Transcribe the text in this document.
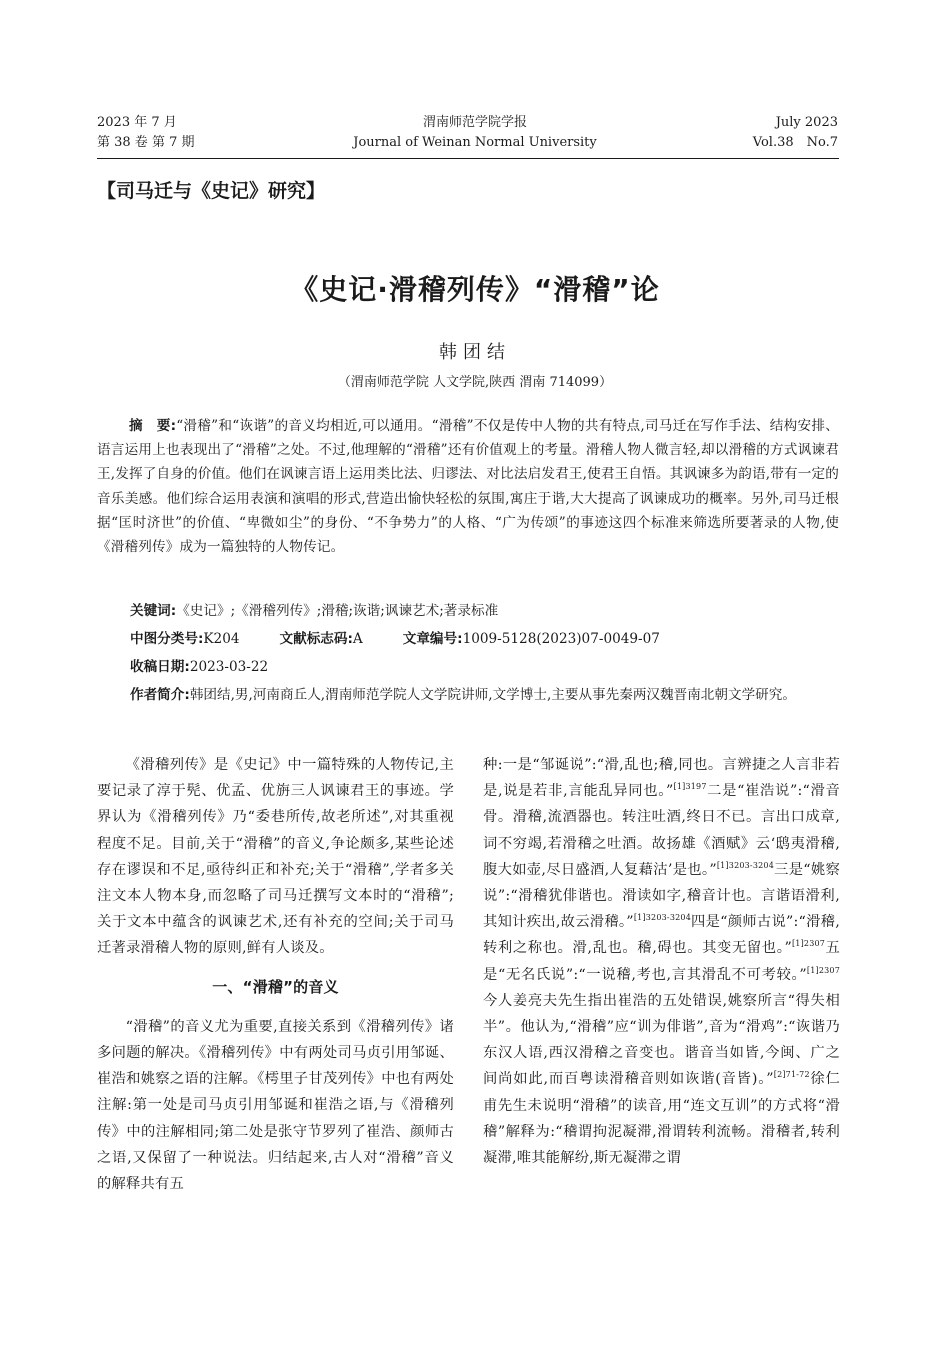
2023 年 7 月
第 38 卷 第 7 期
渭南师范学院学报
Journal of Weinan Normal University
July 2023
Vol.38　No.7
【司马迁与《史记》研究】
《史记·滑稽列传》“滑稽”论
韩团结
（渭南师范学院 人文学院,陕西 渭南 714099）
摘　要:“滑稽”和“诙谐”的音义均相近,可以通用。“滑稽”不仅是传中人物的共有特点,司马迁在写作手法、结构安排、语言运用上也表现出了“滑稽”之处。不过,他理解的“滑稽”还有价值观上的考量。滑稽人物人微言轻,却以滑稽的方式讽谏君王,发挥了自身的价值。他们在讽谏言语上运用类比法、归谬法、对比法启发君王,使君王自悟。其讽谏多为韵语,带有一定的音乐美感。他们综合运用表演和演唱的形式,营造出愉快轻松的氛围,寓庄于谐,大大提高了讽谏成功的概率。另外,司马迁根据“匡时济世”的价值、“卑微如尘”的身份、“不争势力”的人格、“广为传颂”的事迹这四个标准来筛选所要著录的人物,使《滑稽列传》成为一篇独特的人物传记。
关键词:《史记》;《滑稽列传》;滑稽;诙谐;讽谏艺术;著录标准
中图分类号:K204	文献标志码:A	文章编号:1009-5128(2023)07-0049-07
收稿日期:2023-03-22
作者简介:韩团结,男,河南商丘人,渭南师范学院人文学院讲师,文学博士,主要从事先秦两汉魏晋南北朝文学研究。

《滑稽列传》是《史记》中一篇特殊的人物传记,主要记录了淳于髡、优孟、优旃三人讽谏君王的事迹。学界认为《滑稽列传》乃“委巷所传,故老所述”,对其重视程度不足。目前,关于“滑稽”的音义,争论颇多,某些论述存在谬误和不足,亟待纠正和补充;关于“滑稽”,学者多关注文本人物本身,而忽略了司马迁撰写文本时的“滑稽”;关于文本中蕴含的讽谏艺术,还有补充的空间;关于司马迁著录滑稽人物的原则,鲜有人谈及。

一、“滑稽”的音义

“滑稽”的音义尤为重要,直接关系到《滑稽列传》诸多问题的解决。《滑稽列传》中有两处司马贞引用邹诞、崔浩和姚察之语的注解。《樗里子甘茂列传》中也有两处注解:第一处是司马贞引用邹诞和崔浩之语,与《滑稽列传》中的注解相同;第二处是张守节罗列了崔浩、颜师古之语,又保留了一种说法。归结起来,古人对“滑稽”音义的解释共有五

种:一是“邹诞说”:“滑,乱也;稽,同也。言辨捷之人言非若是,说是若非,言能乱异同也。”$^{[1]3197}$二是“崔浩说”:“滑音骨。滑稽,流酒器也。转注吐酒,终日不已。言出口成章,词不穷竭,若滑稽之吐酒。故扬雄《酒赋》云‘鸱夷滑稽,腹大如壶,尽日盛酒,人复藉沽’是也。”$^{[1]3203-3204}$三是“姚察说”:“滑稽犹俳谐也。滑读如字,稽音计也。言谐语滑利,其知计疾出,故云滑稽。”$^{[1]3203-3204}$四是“颜师古说”:“滑稽,转利之称也。滑,乱也。稽,碍也。其变无留也。”$^{[1]2307}$五是“无名氏说”:“一说稽,考也,言其滑乱不可考较。”$^{[1]2307}$今人姜亮夫先生指出崔浩的五处错误,姚察所言“得失相半”。他认为,“滑稽”应“训为俳谐”,音为“滑鸡”:“诙谐乃东汉人语,西汉滑稽之音变也。谐音当如皆,今闽、广之间尚如此,而百粤读滑稽音则如诙谐(音皆)。”$^{[2]71-72}$徐仁甫先生未说明“滑稽”的读音,用“连文互训”的方式将“滑稽”解释为:“稽谓拘泥凝滞,滑谓转利流畅。滑稽者,转利凝滞,唯其能解纷,斯无凝滞之谓
